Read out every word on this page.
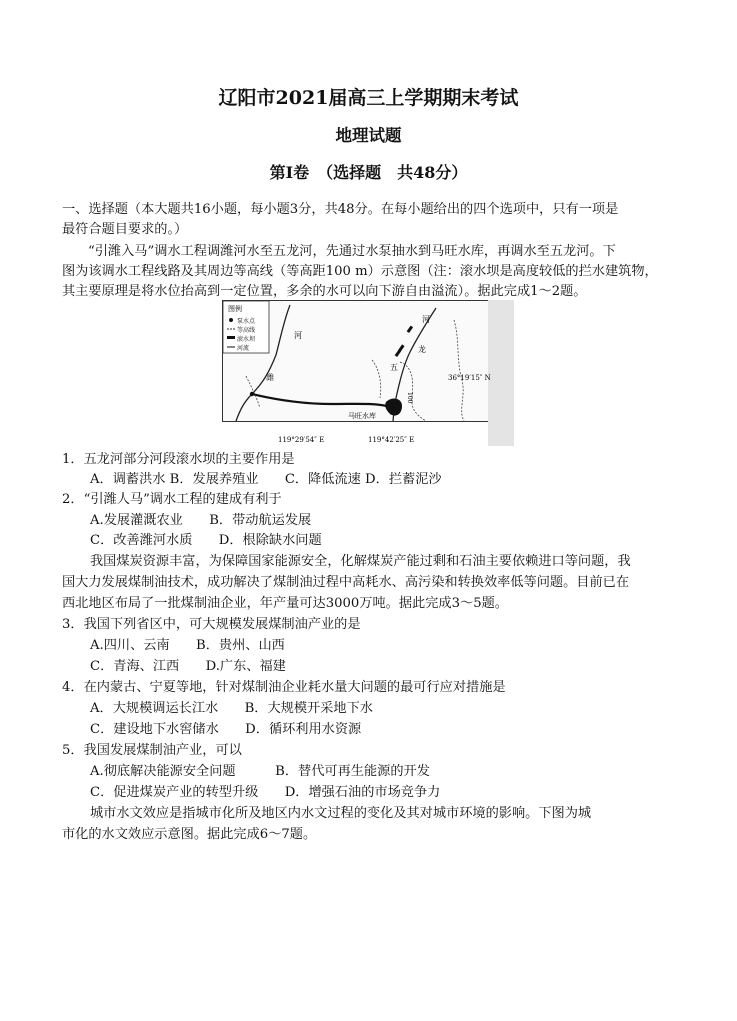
辽阳市2021届高三上学期期末考试
地理试题
第Ⅰ卷　（选择题　共48分）
一、选择题（本大题共16小题，每小题3分，共48分。在每小题给出的四个选项中，只有一项是
最符合题目要求的。）
“引潍入马”调水工程调潍河水至五龙河，先通过水泵抽水到马旺水库，再调水至五龙河。下
图为该调水工程线路及其周边等高线（等高距100 m）示意图（注：滚水坝是高度较低的拦水建筑物，
其主要原理是将水位抬高到一定位置，多余的水可以向下游自由溢流）。据此完成1～2题。
图例
泵水点
等高线
滚水坝
河流
河
潍
河
五
龙
100
马旺水库
36°19′15″ N
119°29′54″ E	119°42′25″ E
1．五龙河部分河段滚水坝的主要作用是
A．调蓄洪水 B．发展养殖业　　C．降低流速 D．拦蓄泥沙
2．“引潍人马”调水工程的建成有利于
A.发展灌溉农业　　B．带动航运发展
C．改善潍河水质　　D．根除缺水问题
我国煤炭资源丰富，为保障国家能源安全，化解煤炭产能过剩和石油主要依赖进口等问题，我
国大力发展煤制油技术，成功解决了煤制油过程中高耗水、高污染和转换效率低等问题。目前已在
西北地区布局了一批煤制油企业，年产量可达3000万吨。据此完成3～5题。
3．我国下列省区中，可大规模发展煤制油产业的是
A.四川、云南　　B．贵州、山西
C．青海、江西　　D.广东、福建
4．在内蒙古、宁夏等地，针对煤制油企业耗水量大问题的最可行应对措施是
A．大规模调运长江水　　B．大规模开采地下水
C．建设地下水窖储水　　D．循环利用水资源
5．我国发展煤制油产业，可以
A.彻底解决能源安全问题　　　B．替代可再生能源的开发
C．促进煤炭产业的转型升级　　D．增强石油的市场竞争力
城市水文效应是指城市化所及地区内水文过程的变化及其对城市环境的影响。下图为城
市化的水文效应示意图。据此完成6～7题。
